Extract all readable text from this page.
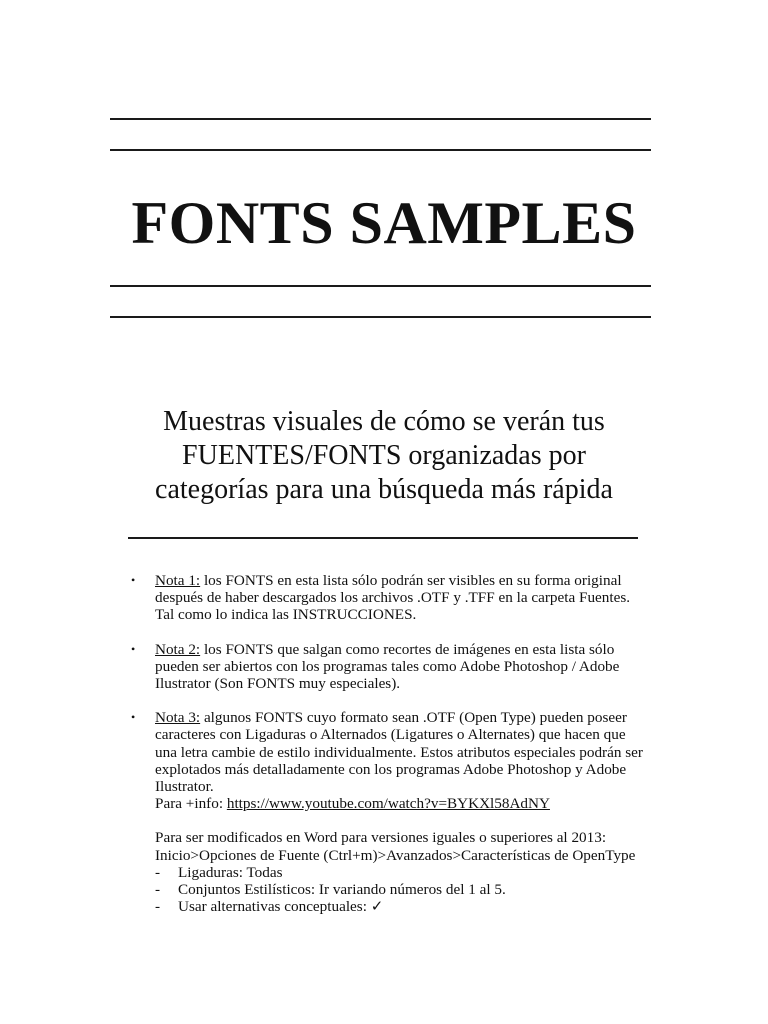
FONTS SAMPLES
Muestras visuales de cómo se verán tus
FUENTES/FONTS organizadas por
categorías para una búsqueda más rápida
• Nota 1: los FONTS en esta lista sólo podrán ser visibles en su forma original
después de haber descargados los archivos .OTF y .TFF en la carpeta Fuentes.
Tal como lo indica las INSTRUCCIONES.
• Nota 2: los FONTS que salgan como recortes de imágenes en esta lista sólo
pueden ser abiertos con los programas tales como Adobe Photoshop / Adobe
Ilustrator (Son FONTS muy especiales).
• Nota 3: algunos FONTS cuyo formato sean .OTF (Open Type) pueden poseer
caracteres con Ligaduras o Alternados (Ligatures o Alternates) que hacen que
una letra cambie de estilo individualmente. Estos atributos especiales podrán ser
explotados más detalladamente con los programas Adobe Photoshop y Adobe
Ilustrator.
Para +info: https://www.youtube.com/watch?v=BYKXl58AdNY
Para ser modificados en Word para versiones iguales o superiores al 2013:
Inicio>Opciones de Fuente (Ctrl+m)>Avanzados>Características de OpenType
- Ligaduras: Todas
- Conjuntos Estilísticos: Ir variando números del 1 al 5.
- Usar alternativas conceptuales: ✓
